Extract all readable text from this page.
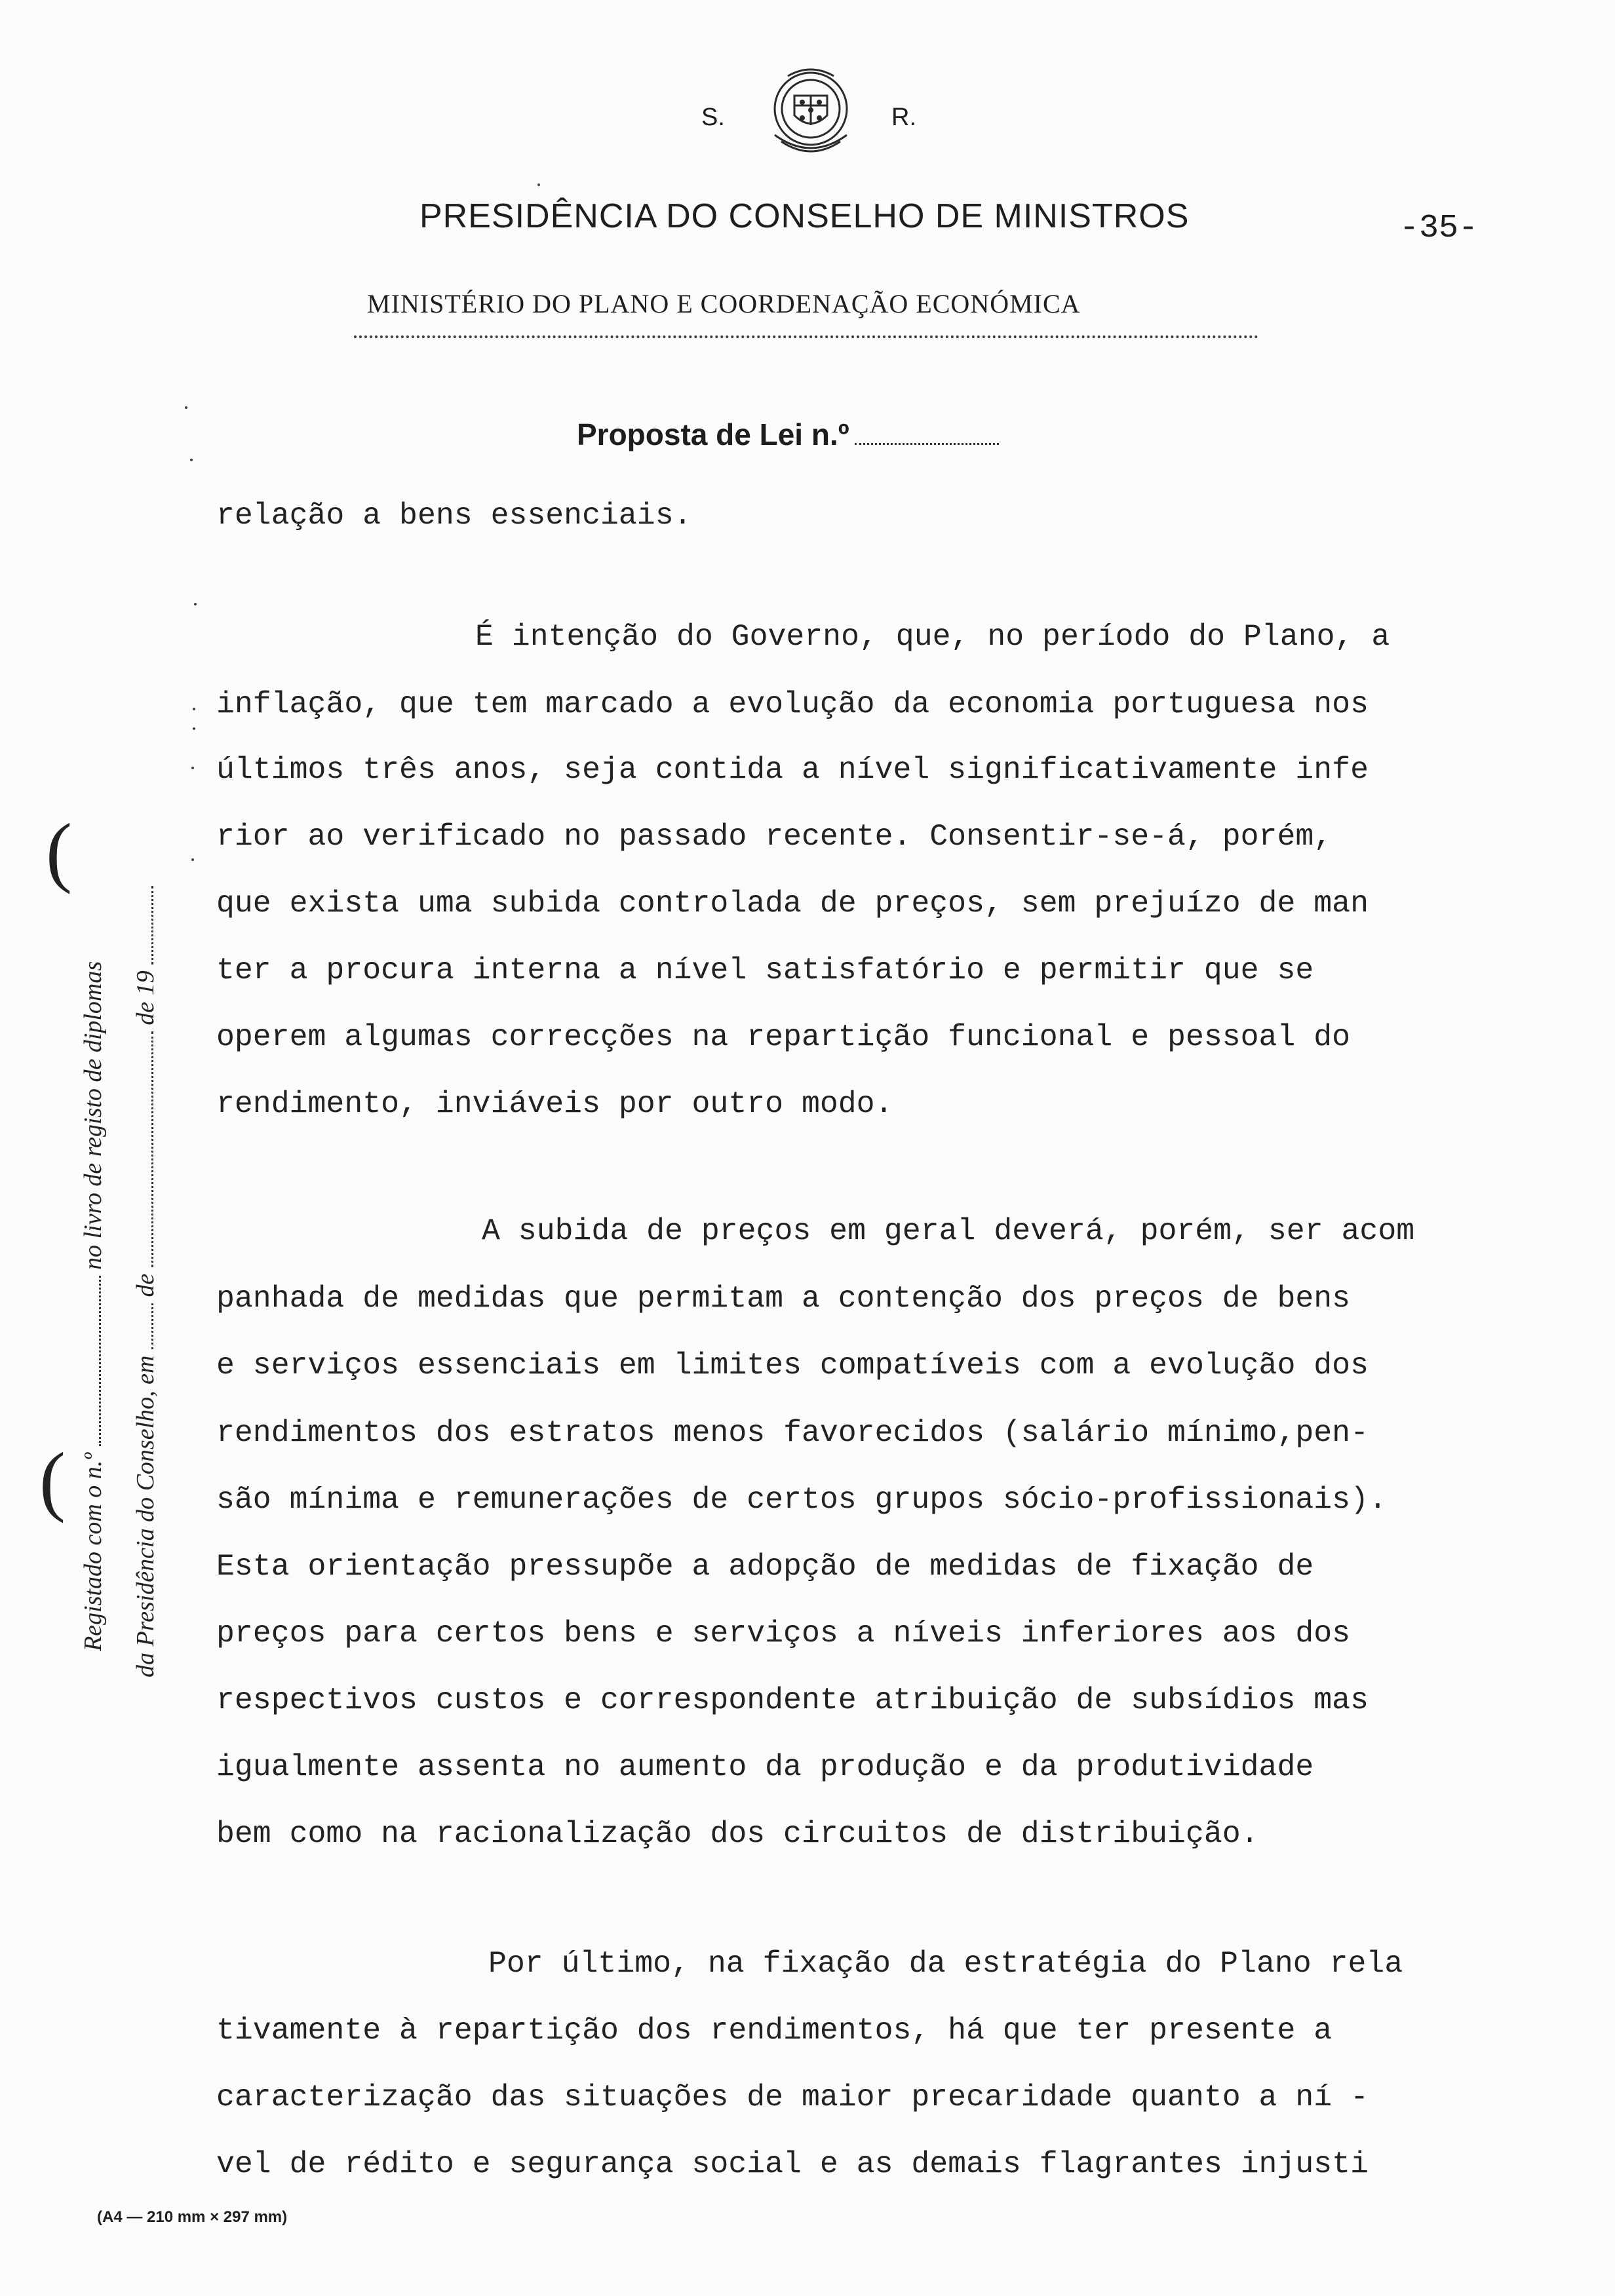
S.	R.
PRESIDÊNCIA DO CONSELHO DE MINISTROS	-35-
MINISTÉRIO DO PLANO E COORDENAÇÃO ECONÓMICA
Proposta de Lei n.º
relação a bens essenciais.
É intenção do Governo, que, no período do Plano, a
inflação, que tem marcado a evolução da economia portuguesa nos
últimos três anos, seja contida a nível significativamente infe
rior ao verificado no passado recente. Consentir-se-á, porém,
que exista uma subida controlada de preços, sem prejuízo de man
ter a procura interna a nível satisfatório e permitir que se
operem algumas correcções na repartição funcional e pessoal do
rendimento, inviáveis por outro modo.
A subida de preços em geral deverá, porém, ser acom
panhada de medidas que permitam a contenção dos preços de bens
e serviços essenciais em limites compatíveis com a evolução dos
rendimentos dos estratos menos favorecidos (salário mínimo,pen-
são mínima e remunerações de certos grupos sócio-profissionais).
Esta orientação pressupõe a adopção de medidas de fixação de
preços para certos bens e serviços a níveis inferiores aos dos
respectivos custos e correspondente atribuição de subsídios mas
igualmente assenta no aumento da produção e da produtividade
bem como na racionalização dos circuitos de distribuição.
Por último, na fixação da estratégia do Plano rela
tivamente à repartição dos rendimentos, há que ter presente a
caracterização das situações de maior precaridade quanto a ní -
vel de rédito e segurança social e as demais flagrantes injusti
Registado com o n.º  no livro de registo de diplomas
da Presidência do Conselho, em  de  de 19
(
(
(A4 — 210 mm × 297 mm)
